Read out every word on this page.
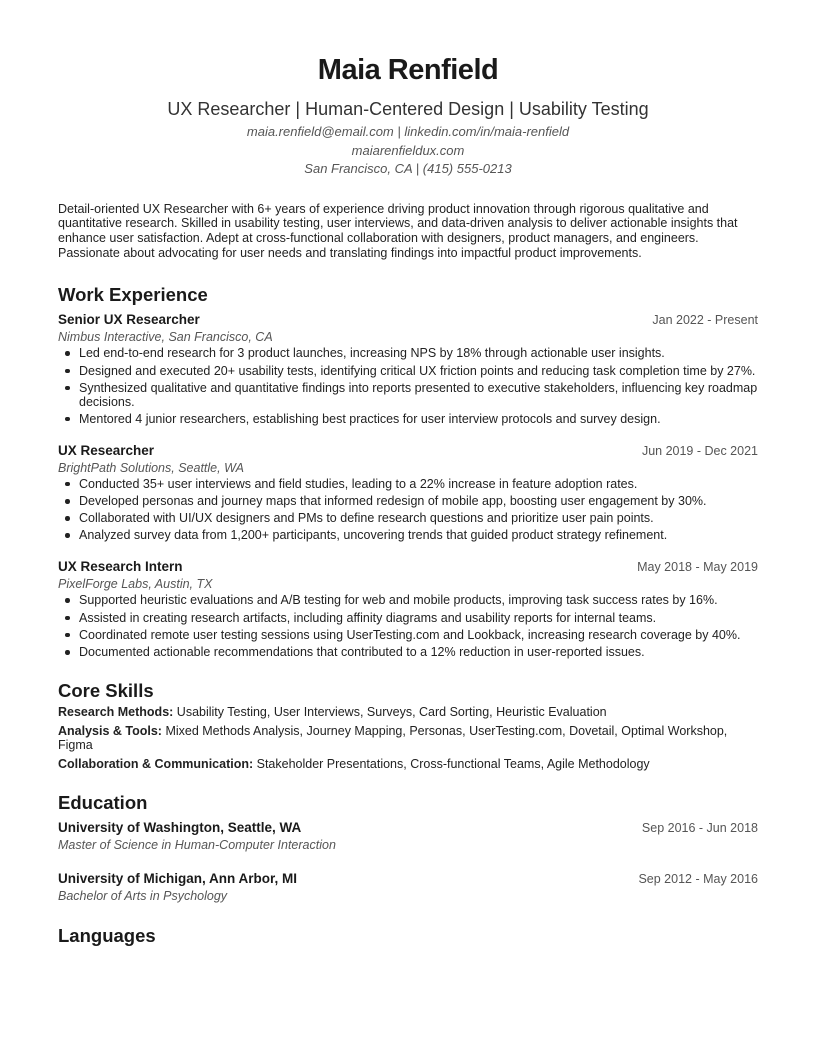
Maia Renfield
UX Researcher | Human-Centered Design | Usability Testing
maia.renfield@email.com | linkedin.com/in/maia-renfield
maiarenfieldux.com
San Francisco, CA | (415) 555-0213
Detail-oriented UX Researcher with 6+ years of experience driving product innovation through rigorous qualitative and quantitative research. Skilled in usability testing, user interviews, and data-driven analysis to deliver actionable insights that enhance user satisfaction. Adept at cross-functional collaboration with designers, product managers, and engineers. Passionate about advocating for user needs and translating findings into impactful product improvements.
Work Experience
Senior UX Researcher	Jan 2022 - Present
Nimbus Interactive, San Francisco, CA
Led end-to-end research for 3 product launches, increasing NPS by 18% through actionable user insights.
Designed and executed 20+ usability tests, identifying critical UX friction points and reducing task completion time by 27%.
Synthesized qualitative and quantitative findings into reports presented to executive stakeholders, influencing key roadmap decisions.
Mentored 4 junior researchers, establishing best practices for user interview protocols and survey design.
UX Researcher	Jun 2019 - Dec 2021
BrightPath Solutions, Seattle, WA
Conducted 35+ user interviews and field studies, leading to a 22% increase in feature adoption rates.
Developed personas and journey maps that informed redesign of mobile app, boosting user engagement by 30%.
Collaborated with UI/UX designers and PMs to define research questions and prioritize user pain points.
Analyzed survey data from 1,200+ participants, uncovering trends that guided product strategy refinement.
UX Research Intern	May 2018 - May 2019
PixelForge Labs, Austin, TX
Supported heuristic evaluations and A/B testing for web and mobile products, improving task success rates by 16%.
Assisted in creating research artifacts, including affinity diagrams and usability reports for internal teams.
Coordinated remote user testing sessions using UserTesting.com and Lookback, increasing research coverage by 40%.
Documented actionable recommendations that contributed to a 12% reduction in user-reported issues.
Core Skills
Research Methods: Usability Testing, User Interviews, Surveys, Card Sorting, Heuristic Evaluation
Analysis & Tools: Mixed Methods Analysis, Journey Mapping, Personas, UserTesting.com, Dovetail, Optimal Workshop, Figma
Collaboration & Communication: Stakeholder Presentations, Cross-functional Teams, Agile Methodology
Education
University of Washington, Seattle, WA	Sep 2016 - Jun 2018
Master of Science in Human-Computer Interaction
University of Michigan, Ann Arbor, MI	Sep 2012 - May 2016
Bachelor of Arts in Psychology
Languages
